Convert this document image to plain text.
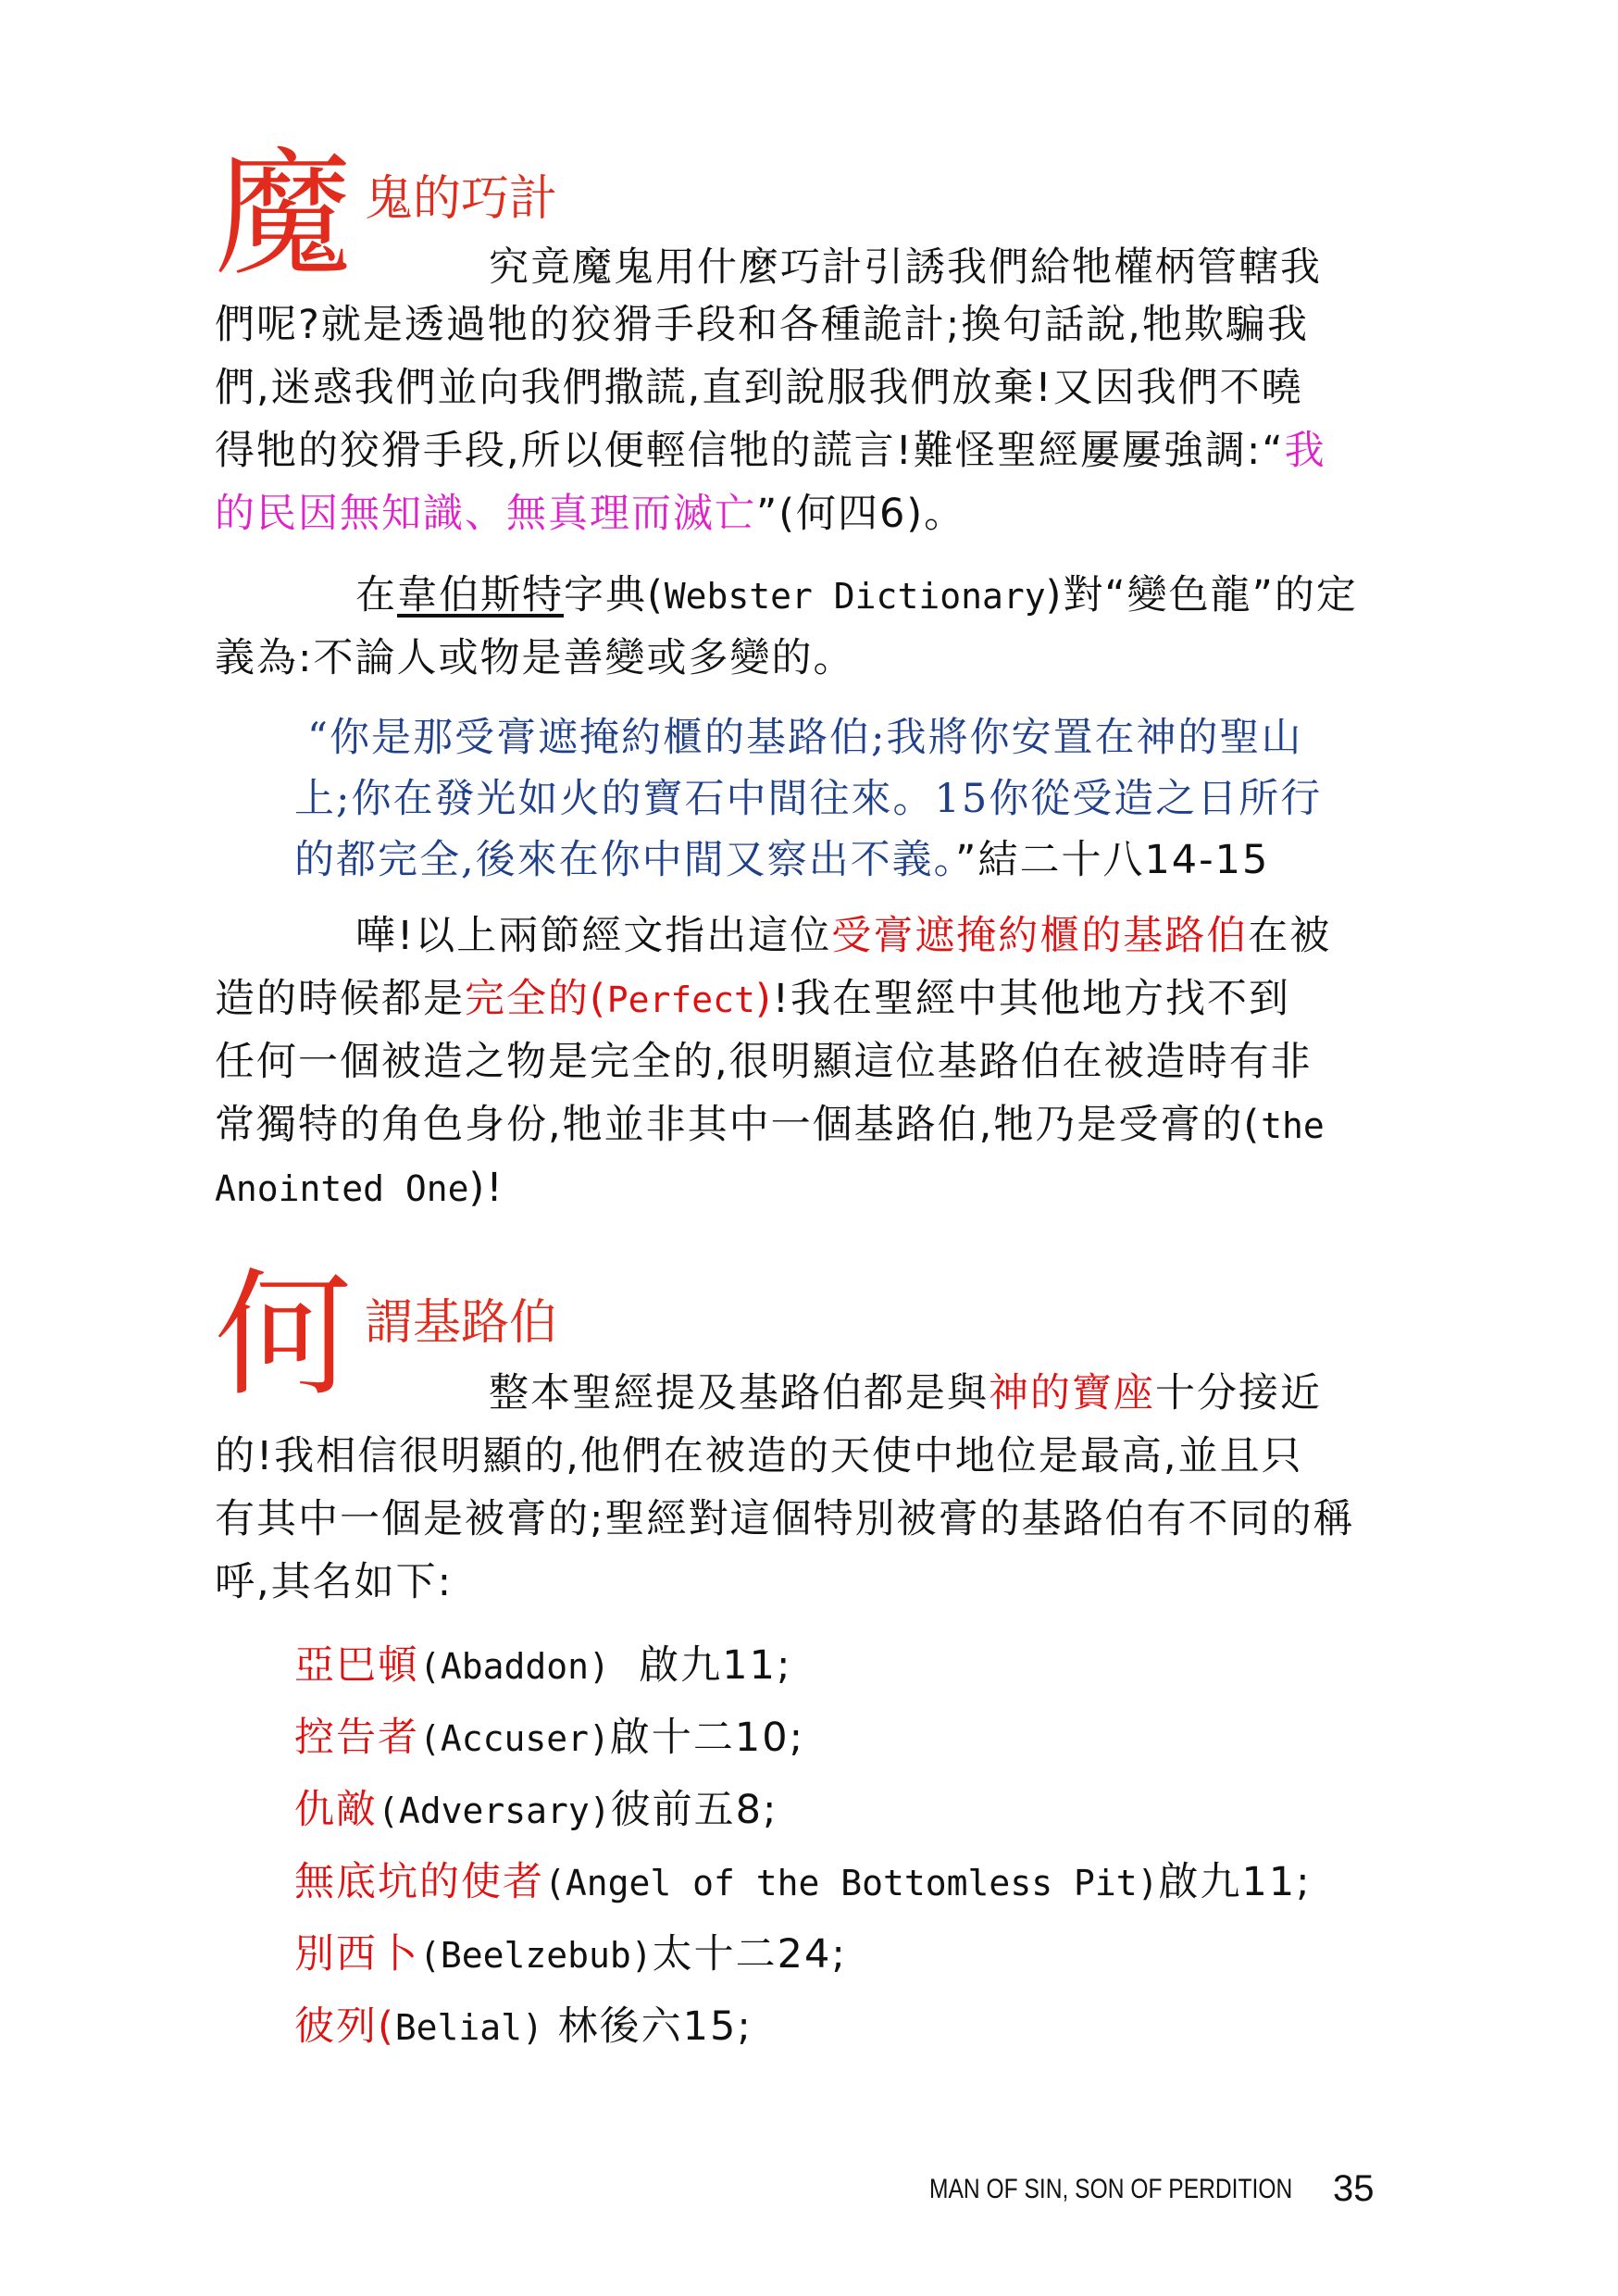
魔 鬼的巧計
究竟魔鬼用什麼巧計引誘我們給牠權柄管轄我
們呢?就是透過牠的狡猾手段和各種詭計;換句話說,牠欺騙我
們,迷惑我們並向我們撒謊,直到說服我們放棄!又因我們不曉
得牠的狡猾手段,所以便輕信牠的謊言!難怪聖經屢屢強調:“我
的民因無知識、無真理而滅亡”(何四6)。
在韋伯斯特字典(Webster Dictionary)對“變色龍”的定
義為:不論人或物是善變或多變的。
“你是那受膏遮掩約櫃的基路伯;我將你安置在神的聖山
上;你在發光如火的寶石中間往來。15你從受造之日所行
的都完全,後來在你中間又察出不義。”結二十八14-15
嘩!以上兩節經文指出這位受膏遮掩約櫃的基路伯在被
造的時候都是完全的(Perfect)!我在聖經中其他地方找不到
任何一個被造之物是完全的,很明顯這位基路伯在被造時有非
常獨特的角色身份,牠並非其中一個基路伯,牠乃是受膏的(the
Anointed One)!
何 謂基路伯
整本聖經提及基路伯都是與神的寶座十分接近
的!我相信很明顯的,他們在被造的天使中地位是最高,並且只
有其中一個是被膏的;聖經對這個特別被膏的基路伯有不同的稱
呼,其名如下:
亞巴頓(Abaddon)  啟九11;
控告者(Accuser)啟十二10;
仇敵(Adversary)彼前五8;
無底坑的使者(Angel of the Bottomless Pit)啟九11;
別西卜(Beelzebub)太十二24;
彼列(Belial) 林後六15;
MAN OF SIN, SON OF PERDITION 35
